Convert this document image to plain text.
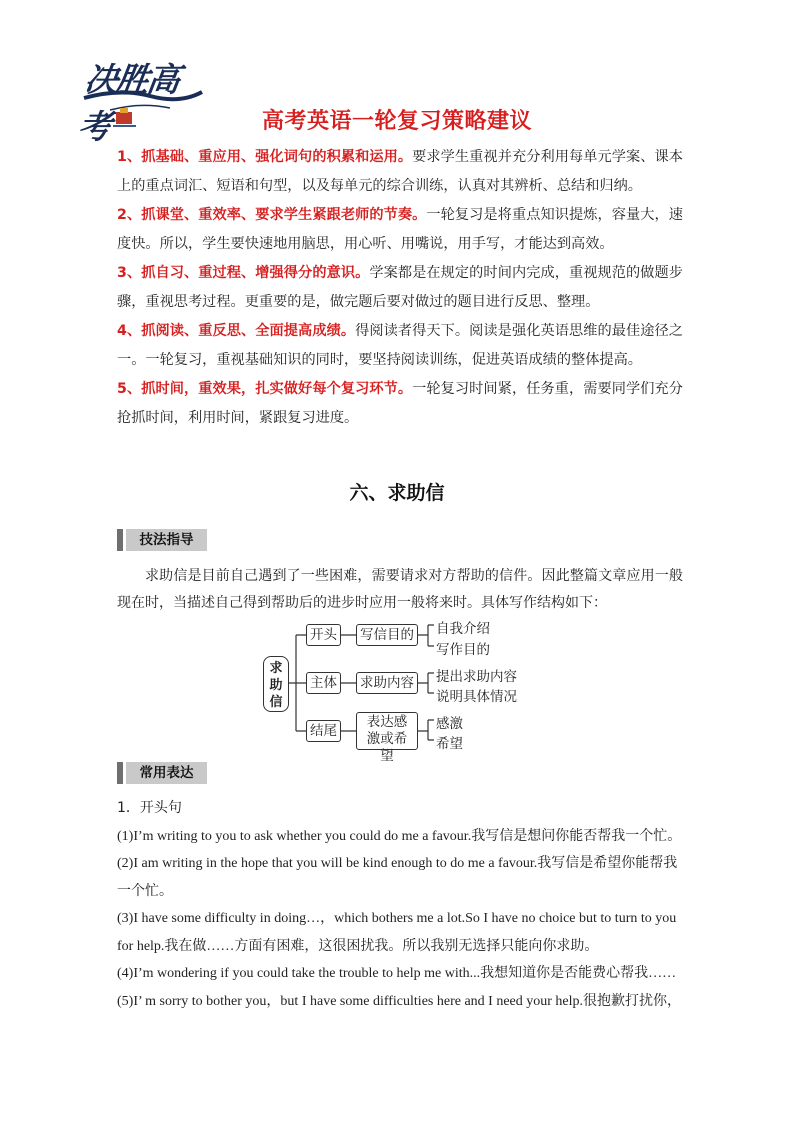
决胜高考	高考英语一轮复习策略建议

1、抓基础、重应用、强化词句的积累和运用。要求学生重视并充分利用每单元学案、课本上的重点词汇、短语和句型，以及每单元的综合训练，认真对其辨析、总结和归纳。

2、抓课堂、重效率、要求学生紧跟老师的节奏。一轮复习是将重点知识提炼，容量大，速度快。所以，学生要快速地用脑思，用心听、用嘴说，用手写，才能达到高效。

3、抓自习、重过程、增强得分的意识。学案都是在规定的时间内完成，重视规范的做题步骤，重视思考过程。更重要的是，做完题后要对做过的题目进行反思、整理。

4、抓阅读、重反思、全面提高成绩。得阅读者得天下。阅读是强化英语思维的最佳途径之一。一轮复习，重视基础知识的同时，要坚持阅读训练，促进英语成绩的整体提高。

5、抓时间，重效果，扎实做好每个复习环节。一轮复习时间紧，任务重，需要同学们充分抢抓时间，利用时间，紧跟复习进度。

六、求助信
技法指导

求助信是目前自己遇到了一些困难，需要请求对方帮助的信件。因此整篇文章应用一般现在时，当描述自己得到帮助后的进步时应用一般将来时。具体写作结构如下：

求助信
开头 写信目的 自我介绍
写作目的
主体 求助内容 提出求助内容
说明具体情况
结尾
表达感激或希望
感激
希望
常用表达

1．开头句

(1)I’m writing to you to ask whether you could do me a favour.我写信是想问你能否帮我一个忙。

(2)I am writing in the hope that you will be kind enough to do me a favour.我写信是希望你能帮我一个忙。

(3)I have some difficulty in doing…，which bothers me a lot.So I have no choice but to turn to you for help.我在做……方面有困难，这很困扰我。所以我别无选择只能向你求助。

(4)I’m wondering if you could take the trouble to help me with...我想知道你是否能费心帮我……

(5)I’ m sorry to bother you，but I have some difficulties here and I need your help.很抱歉打扰你，
